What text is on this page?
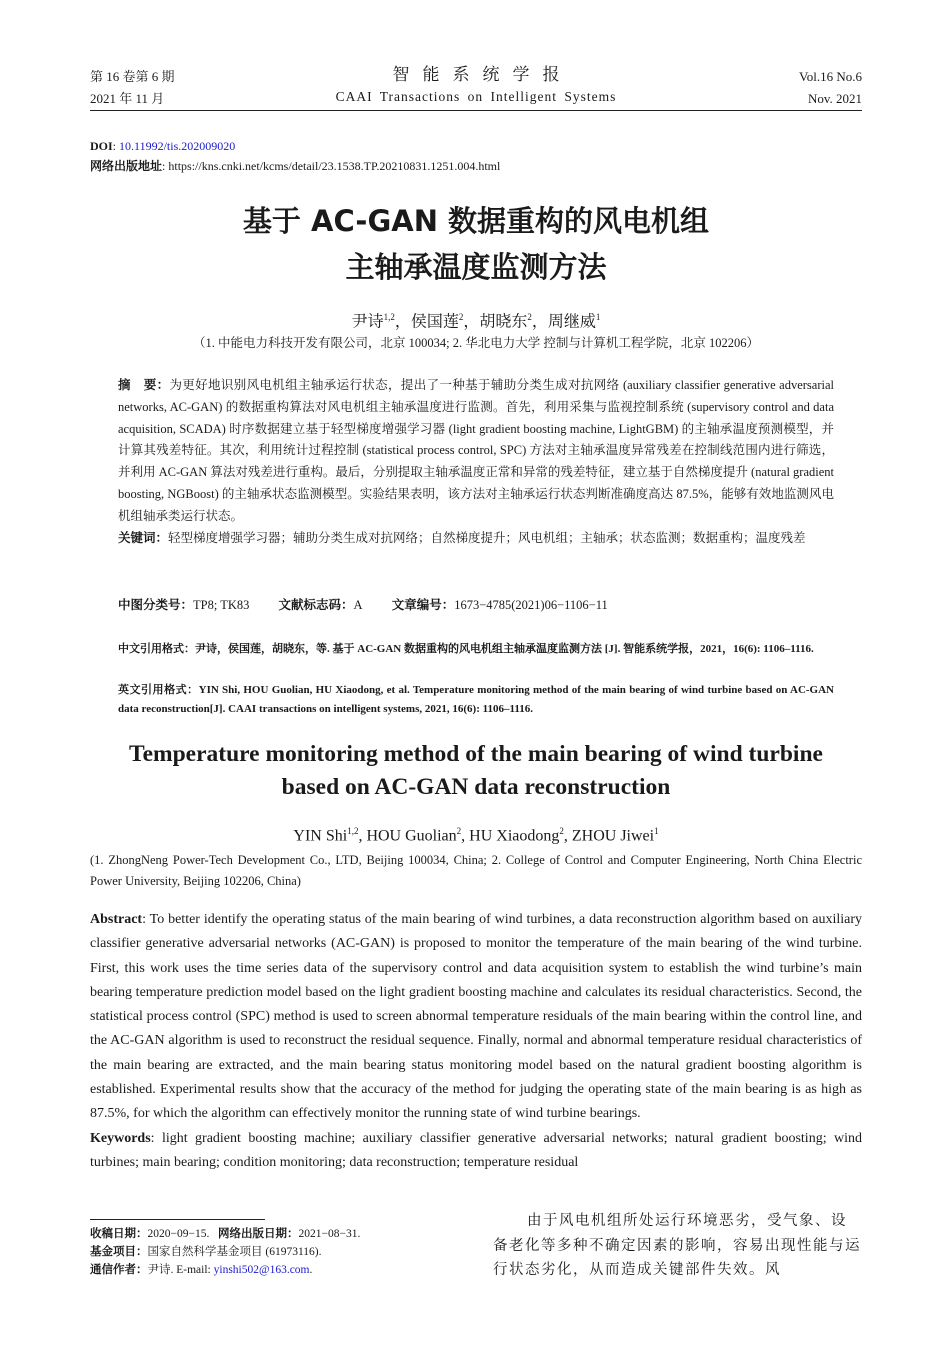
第 16 卷第 6 期
2021 年 11 月
智能系统学报
CAAI Transactions on Intelligent Systems
Vol.16 No.6
Nov. 2021
DOI: 10.11992/tis.202009020
网络出版地址: https://kns.cnki.net/kcms/detail/23.1538.TP.20210831.1251.004.html
基于 AC-GAN 数据重构的风电机组
主轴承温度监测方法
尹诗$^{1,2}$，侯国莲$^2$，胡晓东$^2$，周继威$^1$
（1. 中能电力科技开发有限公司，北京 100034; 2. 华北电力大学 控制与计算机工程学院，北京 102206）
摘　要：为更好地识别风电机组主轴承运行状态，提出了一种基于辅助分类生成对抗网络 (auxiliary classifier generative adversarial networks, AC-GAN) 的数据重构算法对风电机组主轴承温度进行监测。首先，利用采集与监视控制系统 (supervisory control and data acquisition, SCADA) 时序数据建立基于轻型梯度增强学习器 (light gradient boosting machine, LightGBM) 的主轴承温度预测模型，并计算其残差特征。其次，利用统计过程控制 (statistical process control, SPC) 方法对主轴承温度异常残差在控制线范围内进行筛选，并利用 AC-GAN 算法对残差进行重构。最后，分别提取主轴承温度正常和异常的残差特征，建立基于自然梯度提升 (natural gradient boosting, NGBoost) 的主轴承状态监测模型。实验结果表明，该方法对主轴承运行状态判断准确度高达 87.5%，能够有效地监测风电机组轴承类运行状态。
关键词：轻型梯度增强学习器；辅助分类生成对抗网络；自然梯度提升；风电机组；主轴承；状态监测；数据重构；温度残差
中图分类号：TP8; TK83 文献标志码：A 文章编号：1673−4785(2021)06−1106−11
中文引用格式：尹诗，侯国莲，胡晓东，等. 基于 AC-GAN 数据重构的风电机组主轴承温度监测方法 [J]. 智能系统学报，2021，16(6): 1106–1116.
英文引用格式：YIN Shi, HOU Guolian, HU Xiaodong, et al. Temperature monitoring method of the main bearing of wind turbine based on AC-GAN data reconstruction[J]. CAAI transactions on intelligent systems, 2021, 16(6): 1106–1116.
Temperature monitoring method of the main bearing of wind turbine
based on AC-GAN data reconstruction
YIN Shi$^{1,2}$, HOU Guolian$^2$, HU Xiaodong$^2$, ZHOU Jiwei$^1$
(1. ZhongNeng Power-Tech Development Co., LTD, Beijing 100034, China; 2. College of Control and Computer Engineering, North China Electric Power University, Beijing 102206, China)
Abstract: To better identify the operating status of the main bearing of wind turbines, a data reconstruction algorithm based on auxiliary classifier generative adversarial networks (AC-GAN) is proposed to monitor the temperature of the main bearing of the wind turbine. First, this work uses the time series data of the supervisory control and data acquisition system to establish the wind turbine’s main bearing temperature prediction model based on the light gradient boosting machine and calculates its residual characteristics. Second, the statistical process control (SPC) method is used to screen abnormal temperature residuals of the main bearing within the control line, and the AC-GAN algorithm is used to reconstruct the residual sequence. Finally, normal and abnormal temperature residual characteristics of the main bearing are extracted, and the main bearing status monitoring model based on the natural gradient boosting algorithm is established. Experimental results show that the accuracy of the method for judging the operating state of the main bearing is as high as 87.5%, for which the algorithm can effectively monitor the running state of wind turbine bearings.
Keywords: light gradient boosting machine; auxiliary classifier generative adversarial networks; natural gradient boosting; wind turbines; main bearing; condition monitoring; data reconstruction; temperature residual
收稿日期：2020−09−15. 网络出版日期：2021−08−31.
基金项目：国家自然科学基金项目 (61973116).
通信作者：尹诗. E-mail: yinshi502@163.com.
由于风电机组所处运行环境恶劣，受气象、设备老化等多种不确定因素的影响，容易出现性能与运行状态劣化，从而造成关键部件失效。风
